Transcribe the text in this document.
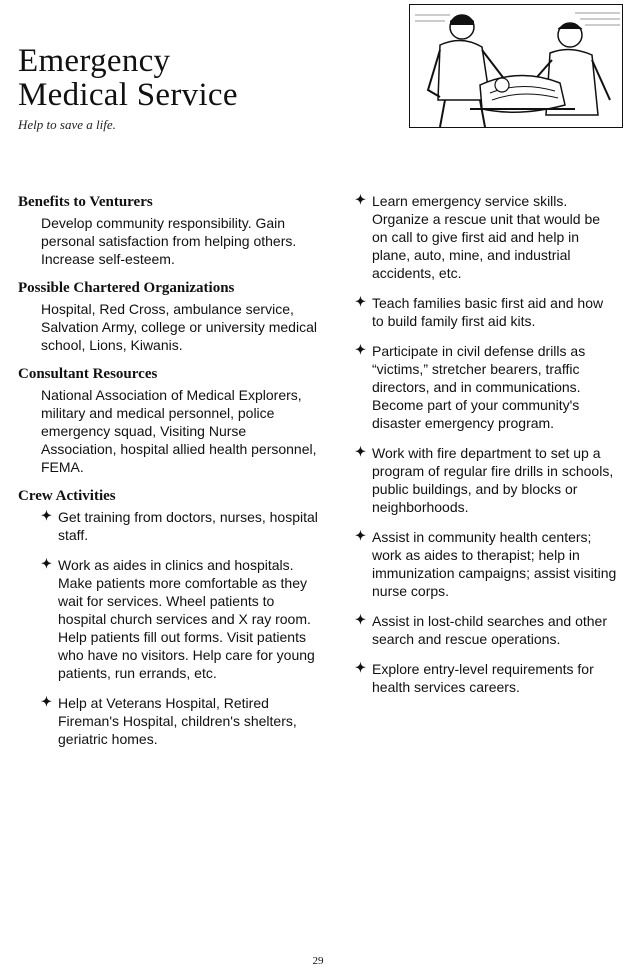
Emergency
Medical Service
Help to save a life.
Benefits to Venturers

Develop community responsibility. Gain personal satisfaction from helping others. Increase self-esteem.

Possible Chartered Organizations

Hospital, Red Cross, ambulance service, Salvation Army, college or university medical school, Lions, Kiwanis.

Consultant Resources

National Association of Medical Explorers, military and medical personnel, police emergency squad, Visiting Nurse Association, hospital allied health personnel, FEMA.

Crew Activities
✦ Get training from doctors, nurses, hospital staff.
✦ Work as aides in clinics and hospitals. Make patients more comfortable as they wait for services. Wheel patients to hospital church services and X ray room. Help patients fill out forms. Visit patients who have no visitors. Help care for young patients, run errands, etc.
✦ Help at Veterans Hospital, Retired Fireman's Hospital, children's shelters, geriatric homes.
✦ Learn emergency service skills. Organize a rescue unit that would be on call to give first aid and help in plane, auto, mine, and industrial accidents, etc.
✦ Teach families basic first aid and how to build family first aid kits.
✦ Participate in civil defense drills as “victims,” stretcher bearers, traffic directors, and in communications. Become part of your community's disaster emergency program.
✦ Work with fire department to set up a program of regular fire drills in schools, public buildings, and by blocks or neighborhoods.
✦ Assist in community health centers; work as aides to therapist; help in immunization campaigns; assist visiting nurse corps.
✦ Assist in lost-child searches and other search and rescue operations.
✦ Explore entry-level requirements for health services careers.
29
